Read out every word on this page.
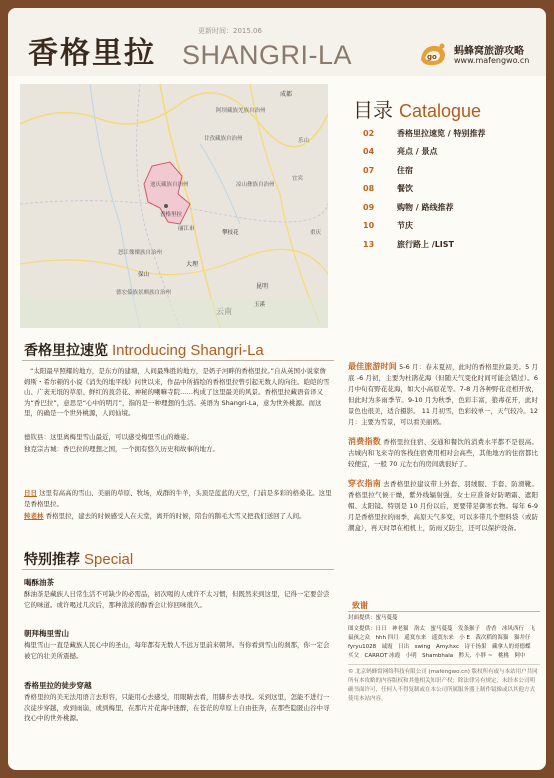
更新时间：2015.06
香格里拉 SHANGRI-LA	go 蚂蜂窝旅游攻略
www.mafengwo.cn
成都
阿坝藏族羌族自治州
甘孜藏族自治州	乐山
宜宾
凉山彝族自治州
迪庆藏族自治州
香格里拉
丽江市
攀枝花
怒江傈僳族自治州
大理
保山
德宏傣族景颇族自治州
昆明
云南
玉溪
重庆
目录 Catalogue
02	香格里拉速览 / 特别推荐
04	亮点 / 景点
07	住宿
08	餐饮
09	购物 / 路线推荐
10	节庆
13	旅行路上 /LIST
香格里拉速览 Introducing Shangri-La
“太阳最早照耀的地方，是东方的建塘，人间最殊胜的地方，是奶子河畔的香格里拉。”自从英国小说家詹姆斯・希尔顿的小说《消失的地平线》问世以来，作品中所描绘的香格里拉曾引起无数人的向往。皑皑的雪山、广袤无垠的草原、鲜红的莨菪花、神秘的喇嘛寺院……构成了这里最美的风景。香格里拉藏语音译又为“香巴拉”，意思是“心中的明月”，指的是一种理想的生活。英语为 Shangri-La，意为世外桃源。而这里，的确是一个世外桃源，人间仙境。
德钦县：这里离梅里雪山最近，可以感受梅里雪山的雄姿。
独克宗古城：香巴拉的理想之国，一个拥有悠久历史和故事的地方。
日日 这里有高高的雪山、美丽的草原、牧场，成群的牛羊，头顶是蓝蓝的天空，门前是多彩的格桑花。这里是香格里拉。
转老林 香格里拉，建去的时候感受人在天堂，离开的时候，陪台的鹅毛大雪又把我们送回了人间。
特别推荐 Special
喝酥油茶
酥油茶是藏族人日常生活不可缺少的必需品，初次喝的人或许不太习惯，但既然来到这里，记得一定要尝尝它的味道。或许喝过几次后，那种浓浓的醇香会让你回味很久。
朝拜梅里雪山
梅里雪山一直是藏族人民心中的圣山，每年都有无数人不远万里前来朝拜。当你看到雪山的刹那，你一定会被它的壮美所震撼。
香格里拉的徒步穿越
香格里拉的美无法用语言去形容，只能用心去感受，用眼睛去看，用脚步去寻找。采到这里，怎能不进行一次徒步穿越，或到雨崩，或到梅里，在那片片花海中迷醉，在苍茫的草原上自由狂奔，在那些隐匿山谷中寻找心中的世外桃源。
最佳旅游时间 5-6 月：春末夏初，此时的香格里拉最美。5 月底 -6 月初，主要为杜鹃花海（但随天气变化时间可能会错过）。6 月中旬有野花花海，如大小高原花等。7-8 月各种野花竞相开放，但此时为多雨季节。9-10 月为秋季，色彩丰富，狼毒花开，此时景色也很美，适合摄影。 11 月初雪，色彩较单一，天气较冷。12 月：主要为雪景，可以看美丽鸥。
消费指数 香格里拉住宿、交通和餐饮的消费水平都不是很高。古城内和飞来寺的客栈住宿费用相对会高些，其他地方的住宿都比较便宜，一般 70 元左右的房间就很好了。
穿衣指南 去香格里拉建议带上外套、羽绒服、手套、防滑靴。香格里拉气候干燥，紫外线辐射强，女士应准备好防晒霜、遮阳帽、太阳镜。特别是 10 月份以后，更要带足御寒衣物。每年 6-9 月是香格里拉的雨季，高原天气多变，可以多带几个塑料袋（或防潮盒），再天时罩在相机上，防雨又防尘，还可以保护设备。
致谢

封面提供：蜜马蔓蔓

图文提供：日日　神老猫　洛太　蜜马蔓蔓　发条猴子　香香　冰风西行　飞鼠孩之众　hhh 四月　遥寞东来　遥寞东来　小 E　裁次稻的海猫　猫井仔 fyryu1028　诚霞　日出　swing　Amy.hxc　诗千扬果　藏拿人的哥德蝶　买父　CARROT 冰霞　小明　Shambhala　黔天、小胖 ~　桃桃　阿中

© 北京蚂蜂窝网络科技有限公司 (mafengwo.cn) 版权所有或与本站用户共同所有本攻略的内容版权和其他相关知识产权；除法律另有规定，未经本公司明确书面许可，任何人不得复制或在本公司所属服务器上制作镜像或以其他方式使用本站内容。
